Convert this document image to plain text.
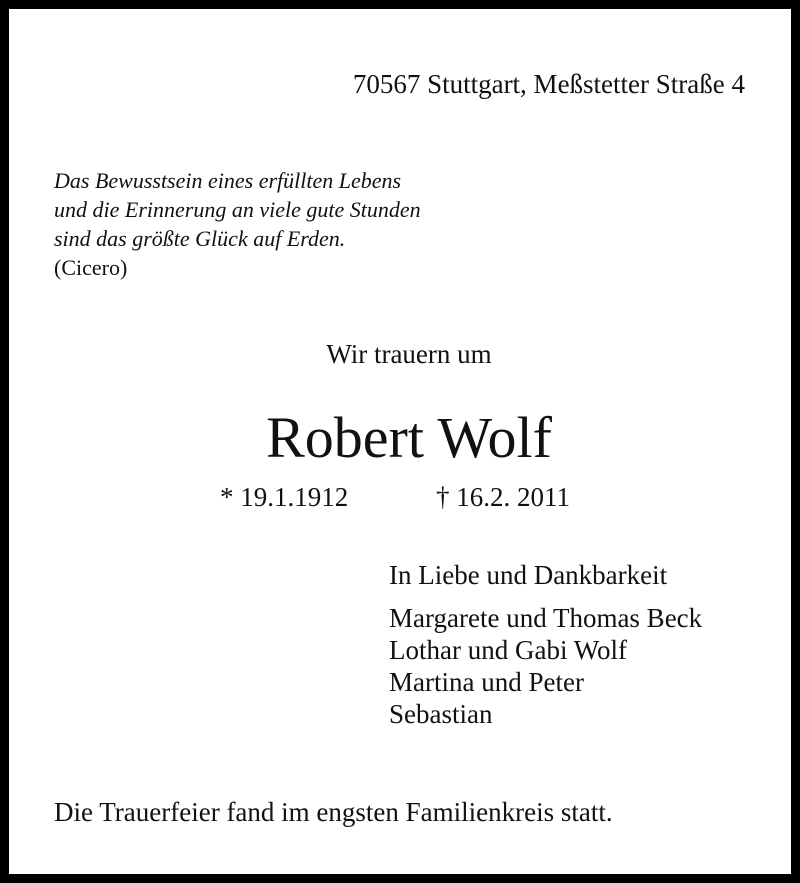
70567 Stuttgart, Meßstetter Straße 4

Das Bewusstsein eines erfüllten Lebens
und die Erinnerung an viele gute Stunden
sind das größte Glück auf Erden.
(Cicero)

Wir trauern um

Robert Wolf

* 19.1.1912	† 16.2. 2011

In Liebe und Dankbarkeit

Margarete und Thomas Beck
Lothar und Gabi Wolf
Martina und Peter
Sebastian

Die Trauerfeier fand im engsten Familienkreis statt.
